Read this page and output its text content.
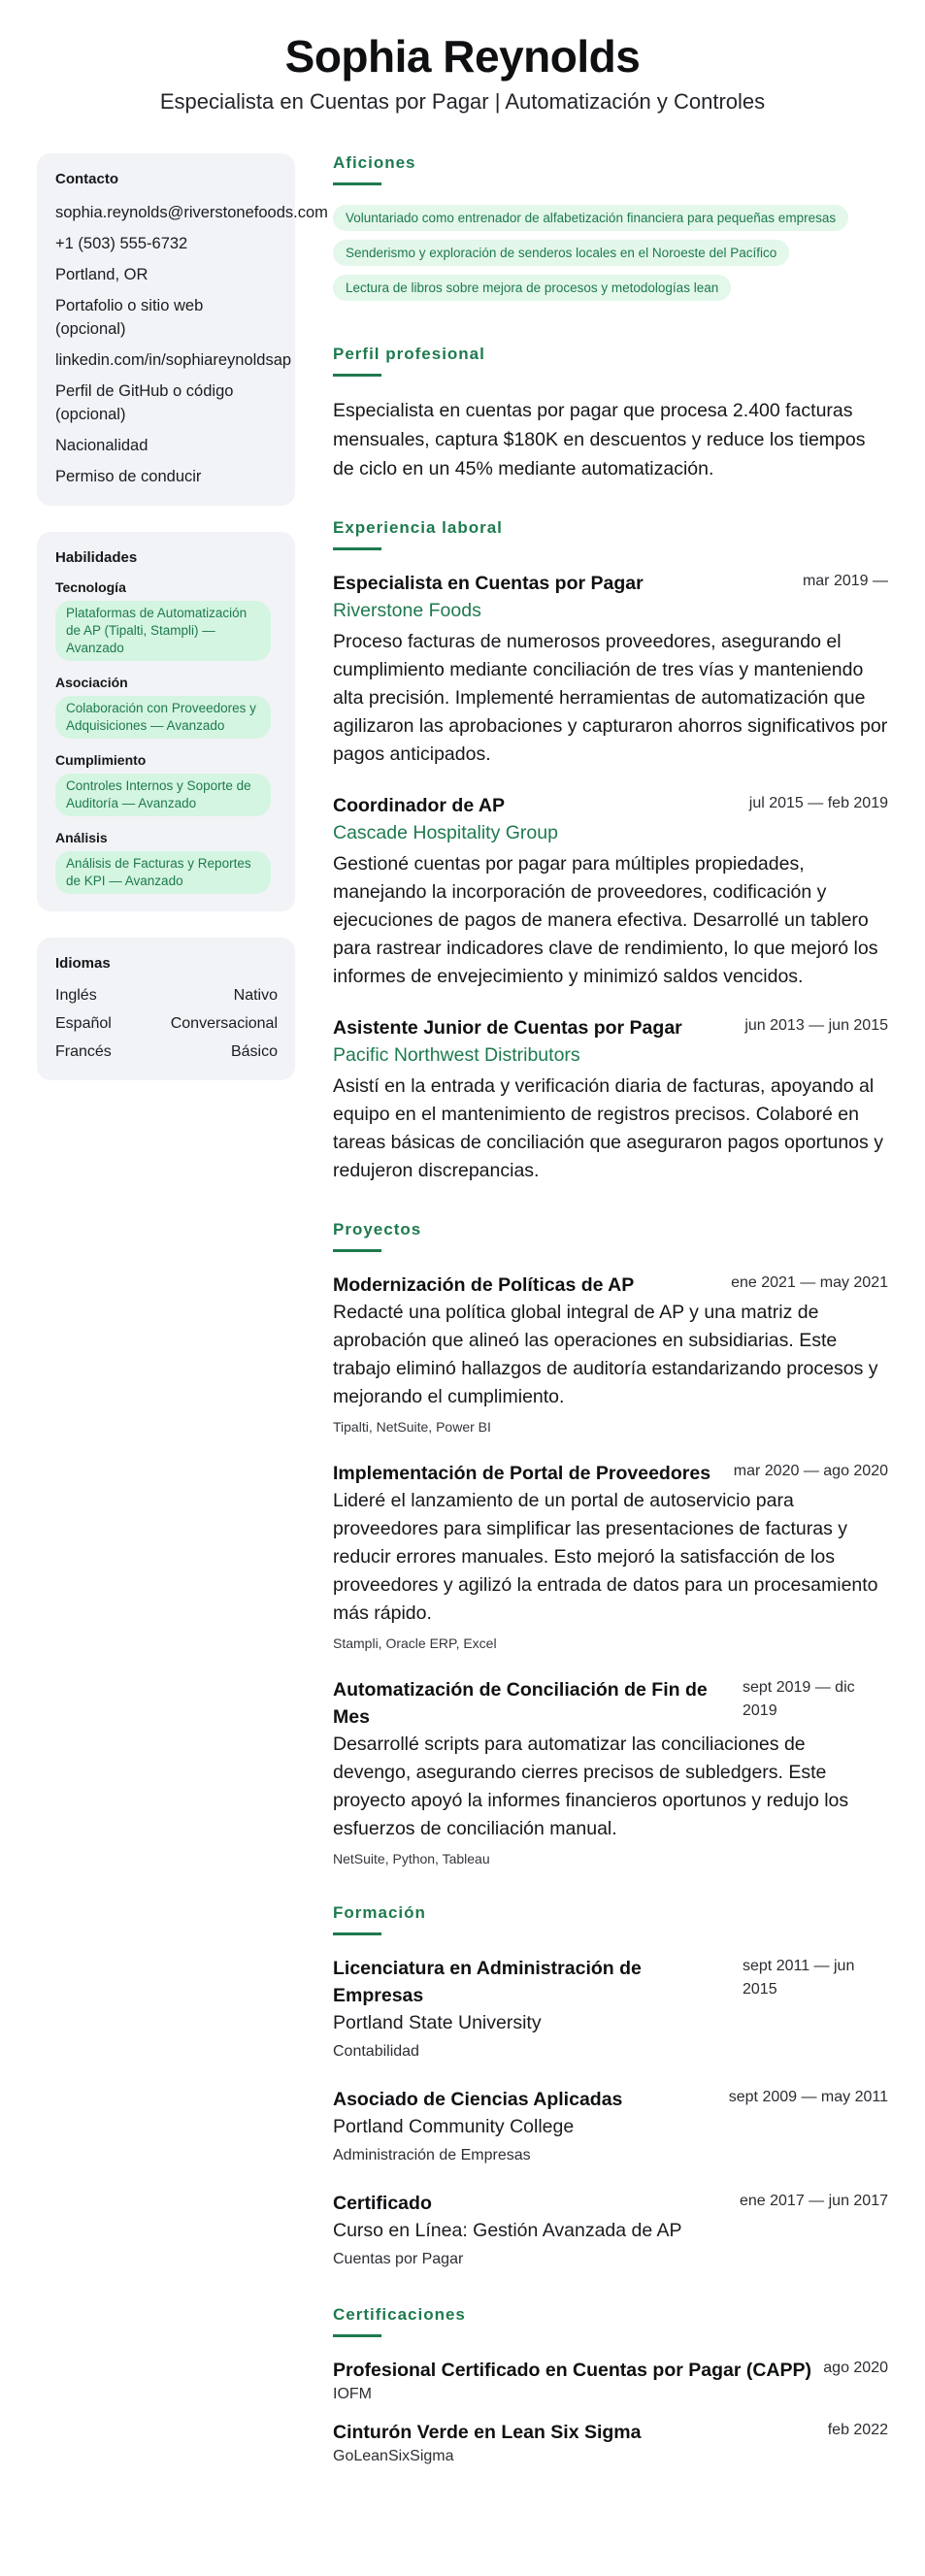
Sophia Reynolds
Especialista en Cuentas por Pagar | Automatización y Controles
Contacto
sophia.reynolds@riverstonefoods.com
+1 (503) 555-6732
Portland, OR
Portafolio o sitio web (opcional)
linkedin.com/in/sophiareynoldsap
Perfil de GitHub o código (opcional)
Nacionalidad
Permiso de conducir
Habilidades
Tecnología
Plataformas de Automatización de AP (Tipalti, Stampli) — Avanzado
Asociación
Colaboración con Proveedores y Adquisiciones — Avanzado
Cumplimiento
Controles Internos y Soporte de Auditoría — Avanzado
Análisis
Análisis de Facturas y Reportes de KPI — Avanzado
Idiomas
Inglés	Nativo
Español	Conversacional
Francés	Básico
Aficiones
Voluntariado como entrenador de alfabetización financiera para pequeñas empresas
Senderismo y exploración de senderos locales en el Noroeste del Pacífico
Lectura de libros sobre mejora de procesos y metodologías lean
Perfil profesional
Especialista en cuentas por pagar que procesa 2.400 facturas mensuales, captura $180K en descuentos y reduce los tiempos de ciclo en un 45% mediante automatización.
Experiencia laboral
Especialista en Cuentas por Pagar	mar 2019 —
Riverstone Foods
Proceso facturas de numerosos proveedores, asegurando el cumplimiento mediante conciliación de tres vías y manteniendo alta precisión. Implementé herramientas de automatización que agilizaron las aprobaciones y capturaron ahorros significativos por pagos anticipados.
Coordinador de AP	jul 2015 — feb 2019
Cascade Hospitality Group
Gestioné cuentas por pagar para múltiples propiedades, manejando la incorporación de proveedores, codificación y ejecuciones de pagos de manera efectiva. Desarrollé un tablero para rastrear indicadores clave de rendimiento, lo que mejoró los informes de envejecimiento y minimizó saldos vencidos.
Asistente Junior de Cuentas por Pagar	jun 2013 — jun 2015
Pacific Northwest Distributors
Asistí en la entrada y verificación diaria de facturas, apoyando al equipo en el mantenimiento de registros precisos. Colaboré en tareas básicas de conciliación que aseguraron pagos oportunos y redujeron discrepancias.
Proyectos
Modernización de Políticas de AP	ene 2021 — may 2021
Redacté una política global integral de AP y una matriz de aprobación que alineó las operaciones en subsidiarias. Este trabajo eliminó hallazgos de auditoría estandarizando procesos y mejorando el cumplimiento.
Tipalti, NetSuite, Power BI
Implementación de Portal de Proveedores mar 2020 — ago 2020
Lideré el lanzamiento de un portal de autoservicio para proveedores para simplificar las presentaciones de facturas y reducir errores manuales. Esto mejoró la satisfacción de los proveedores y agilizó la entrada de datos para un procesamiento más rápido.
Stampli, Oracle ERP, Excel
Automatización de Conciliación de Fin de Mes
sept 2019 — dic 2019
Desarrollé scripts para automatizar las conciliaciones de devengo, asegurando cierres precisos de subledgers. Este proyecto apoyó la informes financieros oportunos y redujo los esfuerzos de conciliación manual.
NetSuite, Python, Tableau
Formación
Licenciatura en Administración de Empresas
sept 2011 — jun 2015
Portland State University
Contabilidad
Asociado de Ciencias Aplicadas	sept 2009 — may 2011
Portland Community College
Administración de Empresas
Certificado	ene 2017 — jun 2017
Curso en Línea: Gestión Avanzada de AP
Cuentas por Pagar
Certificaciones
Profesional Certificado en Cuentas por Pagar (CAPP) ago 2020
IOFM
Cinturón Verde en Lean Six Sigma	feb 2022
GoLeanSixSigma
